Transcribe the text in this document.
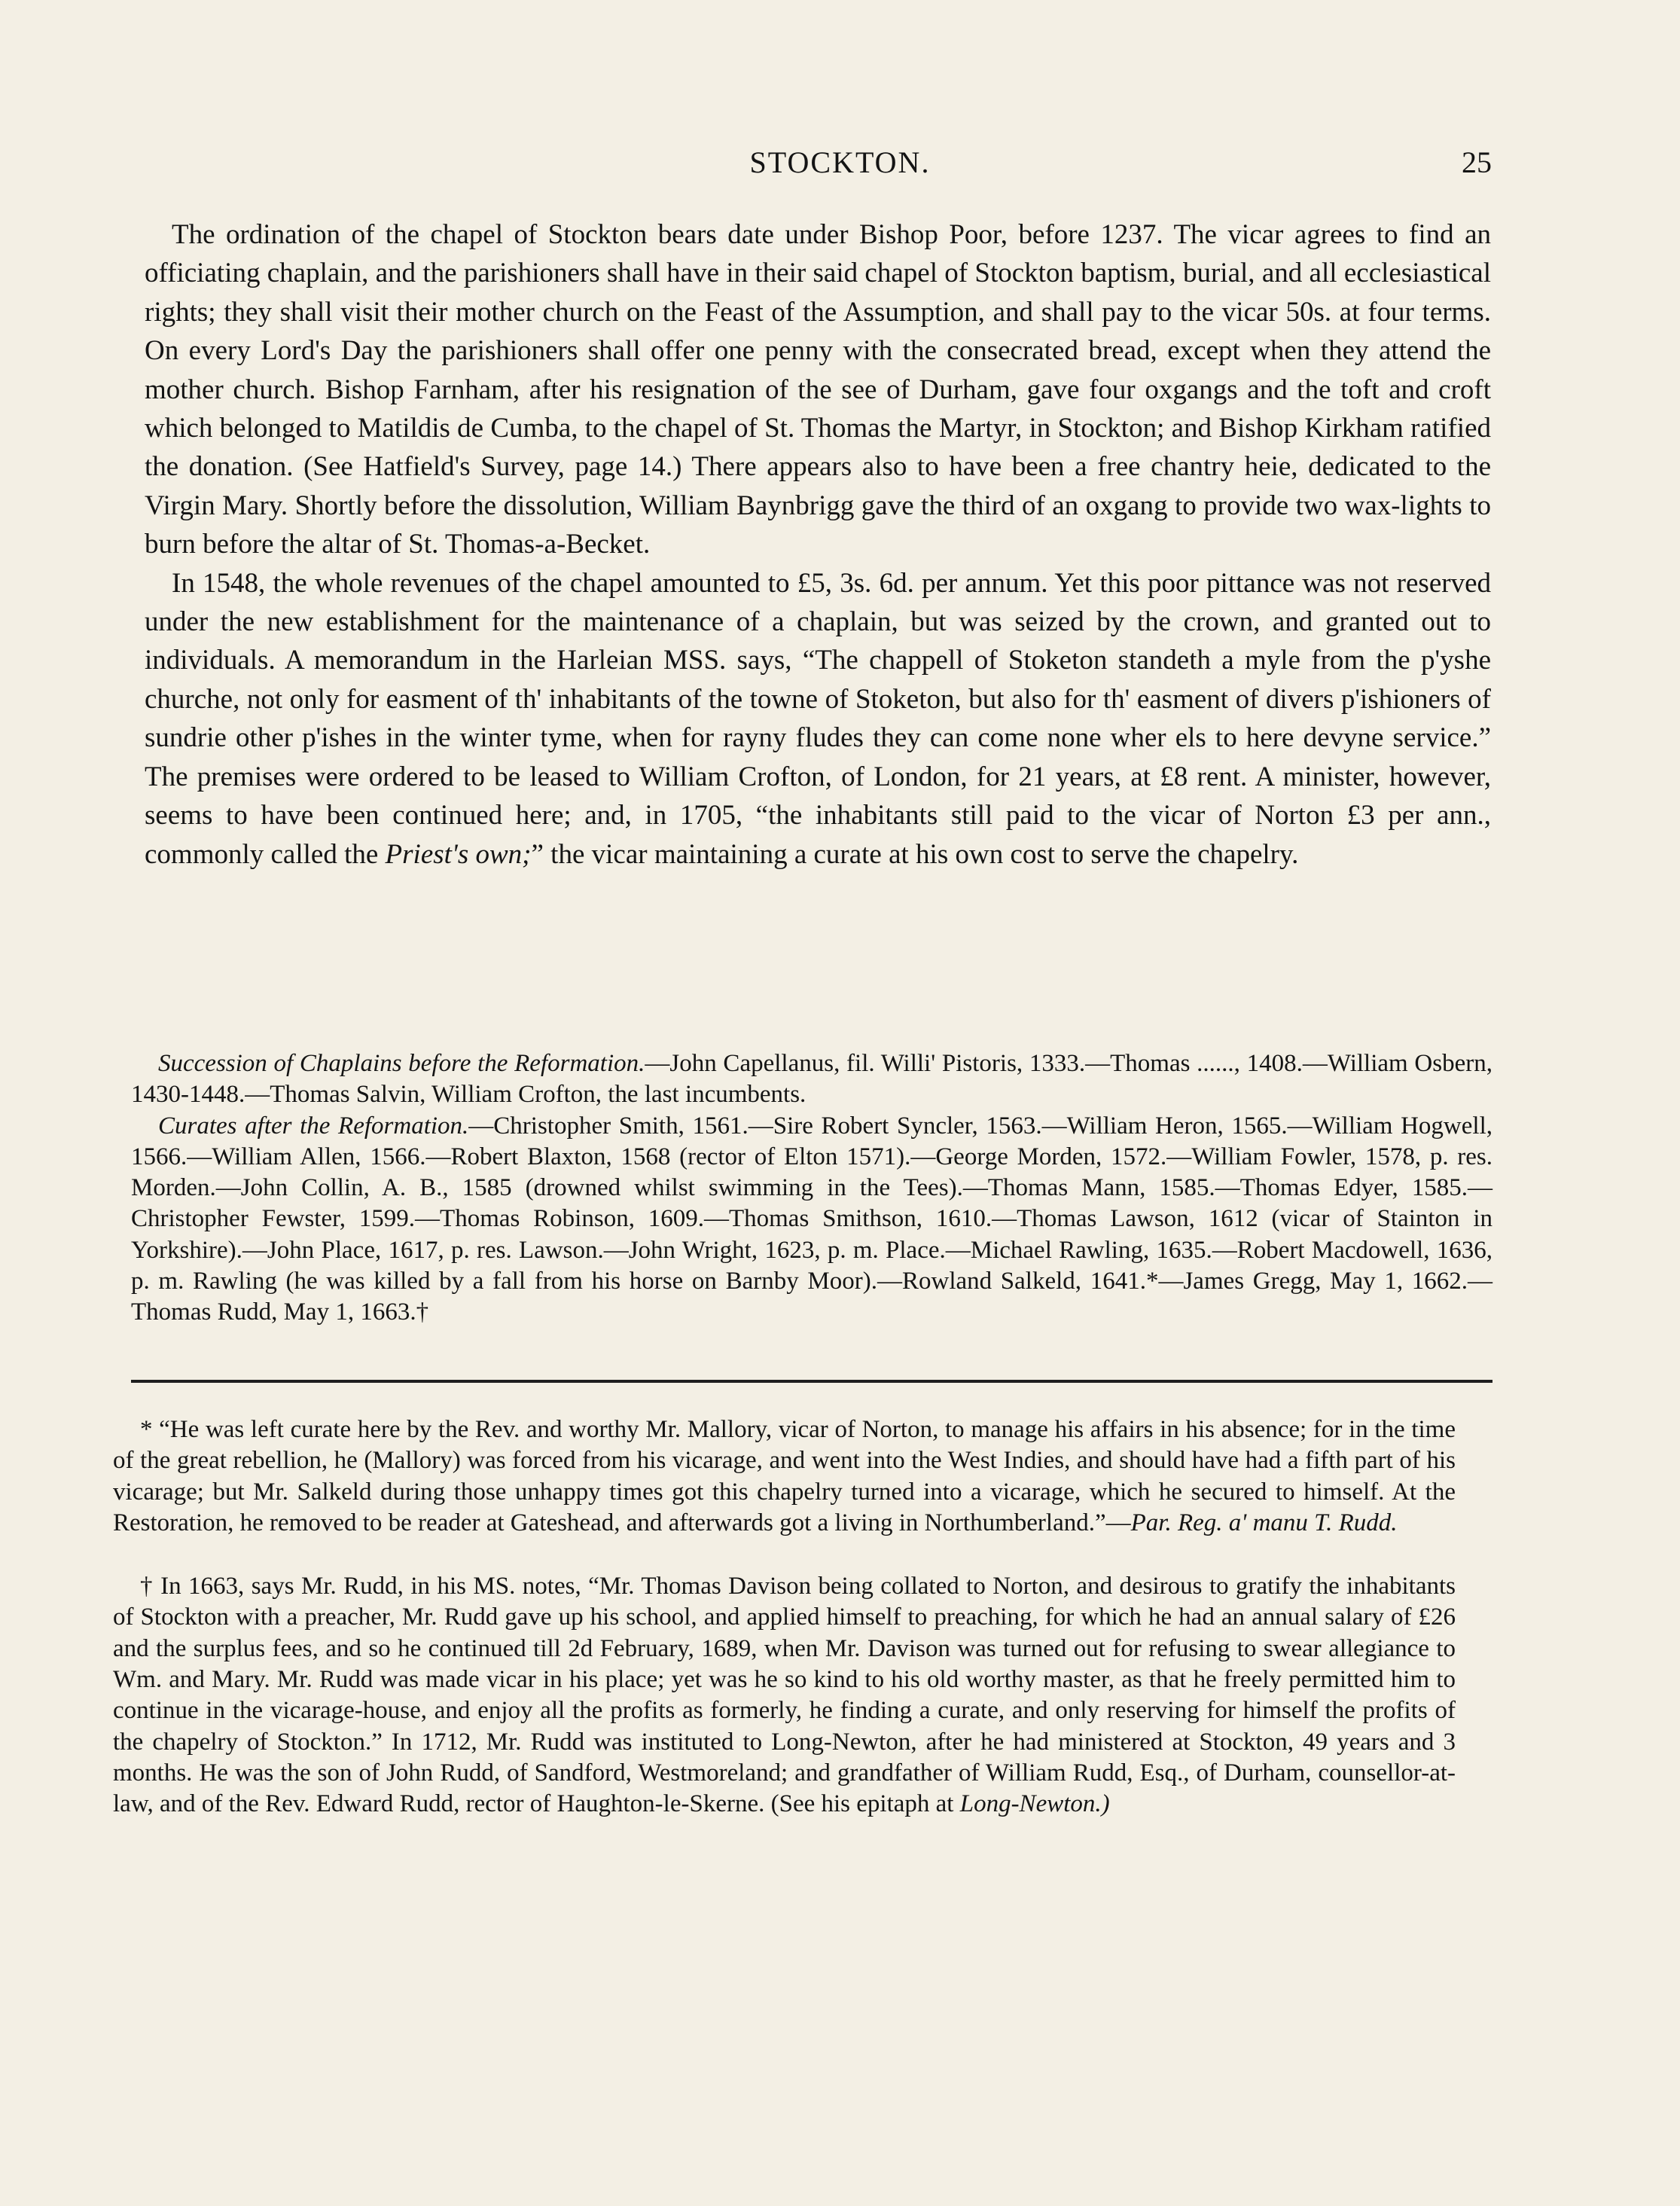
STOCKTON.	25

The ordination of the chapel of Stockton bears date under Bishop Poor, before 1237. The vicar agrees to find an officiating chaplain, and the parishioners shall have in their said chapel of Stockton baptism, burial, and all ecclesiastical rights; they shall visit their mother church on the Feast of the Assumption, and shall pay to the vicar 50s. at four terms. On every Lord's Day the parishioners shall offer one penny with the consecrated bread, except when they attend the mother church. Bishop Farnham, after his resignation of the see of Durham, gave four oxgangs and the toft and croft which belonged to Matildis de Cumba, to the chapel of St. Thomas the Martyr, in Stockton; and Bishop Kirkham ratified the donation. (See Hatfield's Survey, page 14.) There appears also to have been a free chantry heie, dedicated to the Virgin Mary. Shortly before the dissolution, William Baynbrigg gave the third of an oxgang to provide two wax-lights to burn before the altar of St. Thomas-a-Becket.

In 1548, the whole revenues of the chapel amounted to £5, 3s. 6d. per annum. Yet this poor pittance was not reserved under the new establishment for the maintenance of a chaplain, but was seized by the crown, and granted out to individuals. A memorandum in the Harleian MSS. says, “The chappell of Stoketon standeth a myle from the p'yshe churche, not only for easment of th' inhabitants of the towne of Stoketon, but also for th' easment of divers p'ishioners of sundrie other p'ishes in the winter tyme, when for rayny fludes they can come none wher els to here devyne service.” The premises were ordered to be leased to William Crofton, of London, for 21 years, at £8 rent. A minister, however, seems to have been continued here; and, in 1705, “the inhabitants still paid to the vicar of Norton £3 per ann., commonly called the Priest's own;” the vicar maintaining a curate at his own cost to serve the chapelry.

Succession of Chaplains before the Reformation.—John Capellanus, fil. Willi' Pistoris, 1333.—Thomas ......, 1408.—William Osbern, 1430-1448.—Thomas Salvin, William Crofton, the last incumbents.

Curates after the Reformation.—Christopher Smith, 1561.—Sire Robert Syncler, 1563.—William Heron, 1565.—William Hogwell, 1566.—William Allen, 1566.—Robert Blaxton, 1568 (rector of Elton 1571).—George Morden, 1572.—William Fowler, 1578, p. res. Morden.—John Collin, A. B., 1585 (drowned whilst swimming in the Tees).—Thomas Mann, 1585.—Thomas Edyer, 1585.—Christopher Fewster, 1599.—Thomas Robinson, 1609.—Thomas Smithson, 1610.—Thomas Lawson, 1612 (vicar of Stainton in Yorkshire).—John Place, 1617, p. res. Lawson.—John Wright, 1623, p. m. Place.—Michael Rawling, 1635.—Robert Macdowell, 1636, p. m. Rawling (he was killed by a fall from his horse on Barnby Moor).—Rowland Salkeld, 1641.*—James Gregg, May 1, 1662.—Thomas Rudd, May 1, 1663.†

* “He was left curate here by the Rev. and worthy Mr. Mallory, vicar of Norton, to manage his affairs in his absence; for in the time of the great rebellion, he (Mallory) was forced from his vicarage, and went into the West Indies, and should have had a fifth part of his vicarage; but Mr. Salkeld during those unhappy times got this chapelry turned into a vicarage, which he secured to himself. At the Restoration, he removed to be reader at Gateshead, and afterwards got a living in Northumberland.”—Par. Reg. a' manu T. Rudd.

† In 1663, says Mr. Rudd, in his MS. notes, “Mr. Thomas Davison being collated to Norton, and desirous to gratify the inhabitants of Stockton with a preacher, Mr. Rudd gave up his school, and applied himself to preaching, for which he had an annual salary of £26 and the surplus fees, and so he continued till 2d February, 1689, when Mr. Davison was turned out for refusing to swear allegiance to Wm. and Mary. Mr. Rudd was made vicar in his place; yet was he so kind to his old worthy master, as that he freely permitted him to continue in the vicarage-house, and enjoy all the profits as formerly, he finding a curate, and only reserving for himself the profits of the chapelry of Stockton.” In 1712, Mr. Rudd was instituted to Long-Newton, after he had ministered at Stockton, 49 years and 3 months. He was the son of John Rudd, of Sandford, Westmoreland; and grandfather of William Rudd, Esq., of Durham, counsellor-at-law, and of the Rev. Edward Rudd, rector of Haughton-le-Skerne. (See his epitaph at Long-Newton.)
